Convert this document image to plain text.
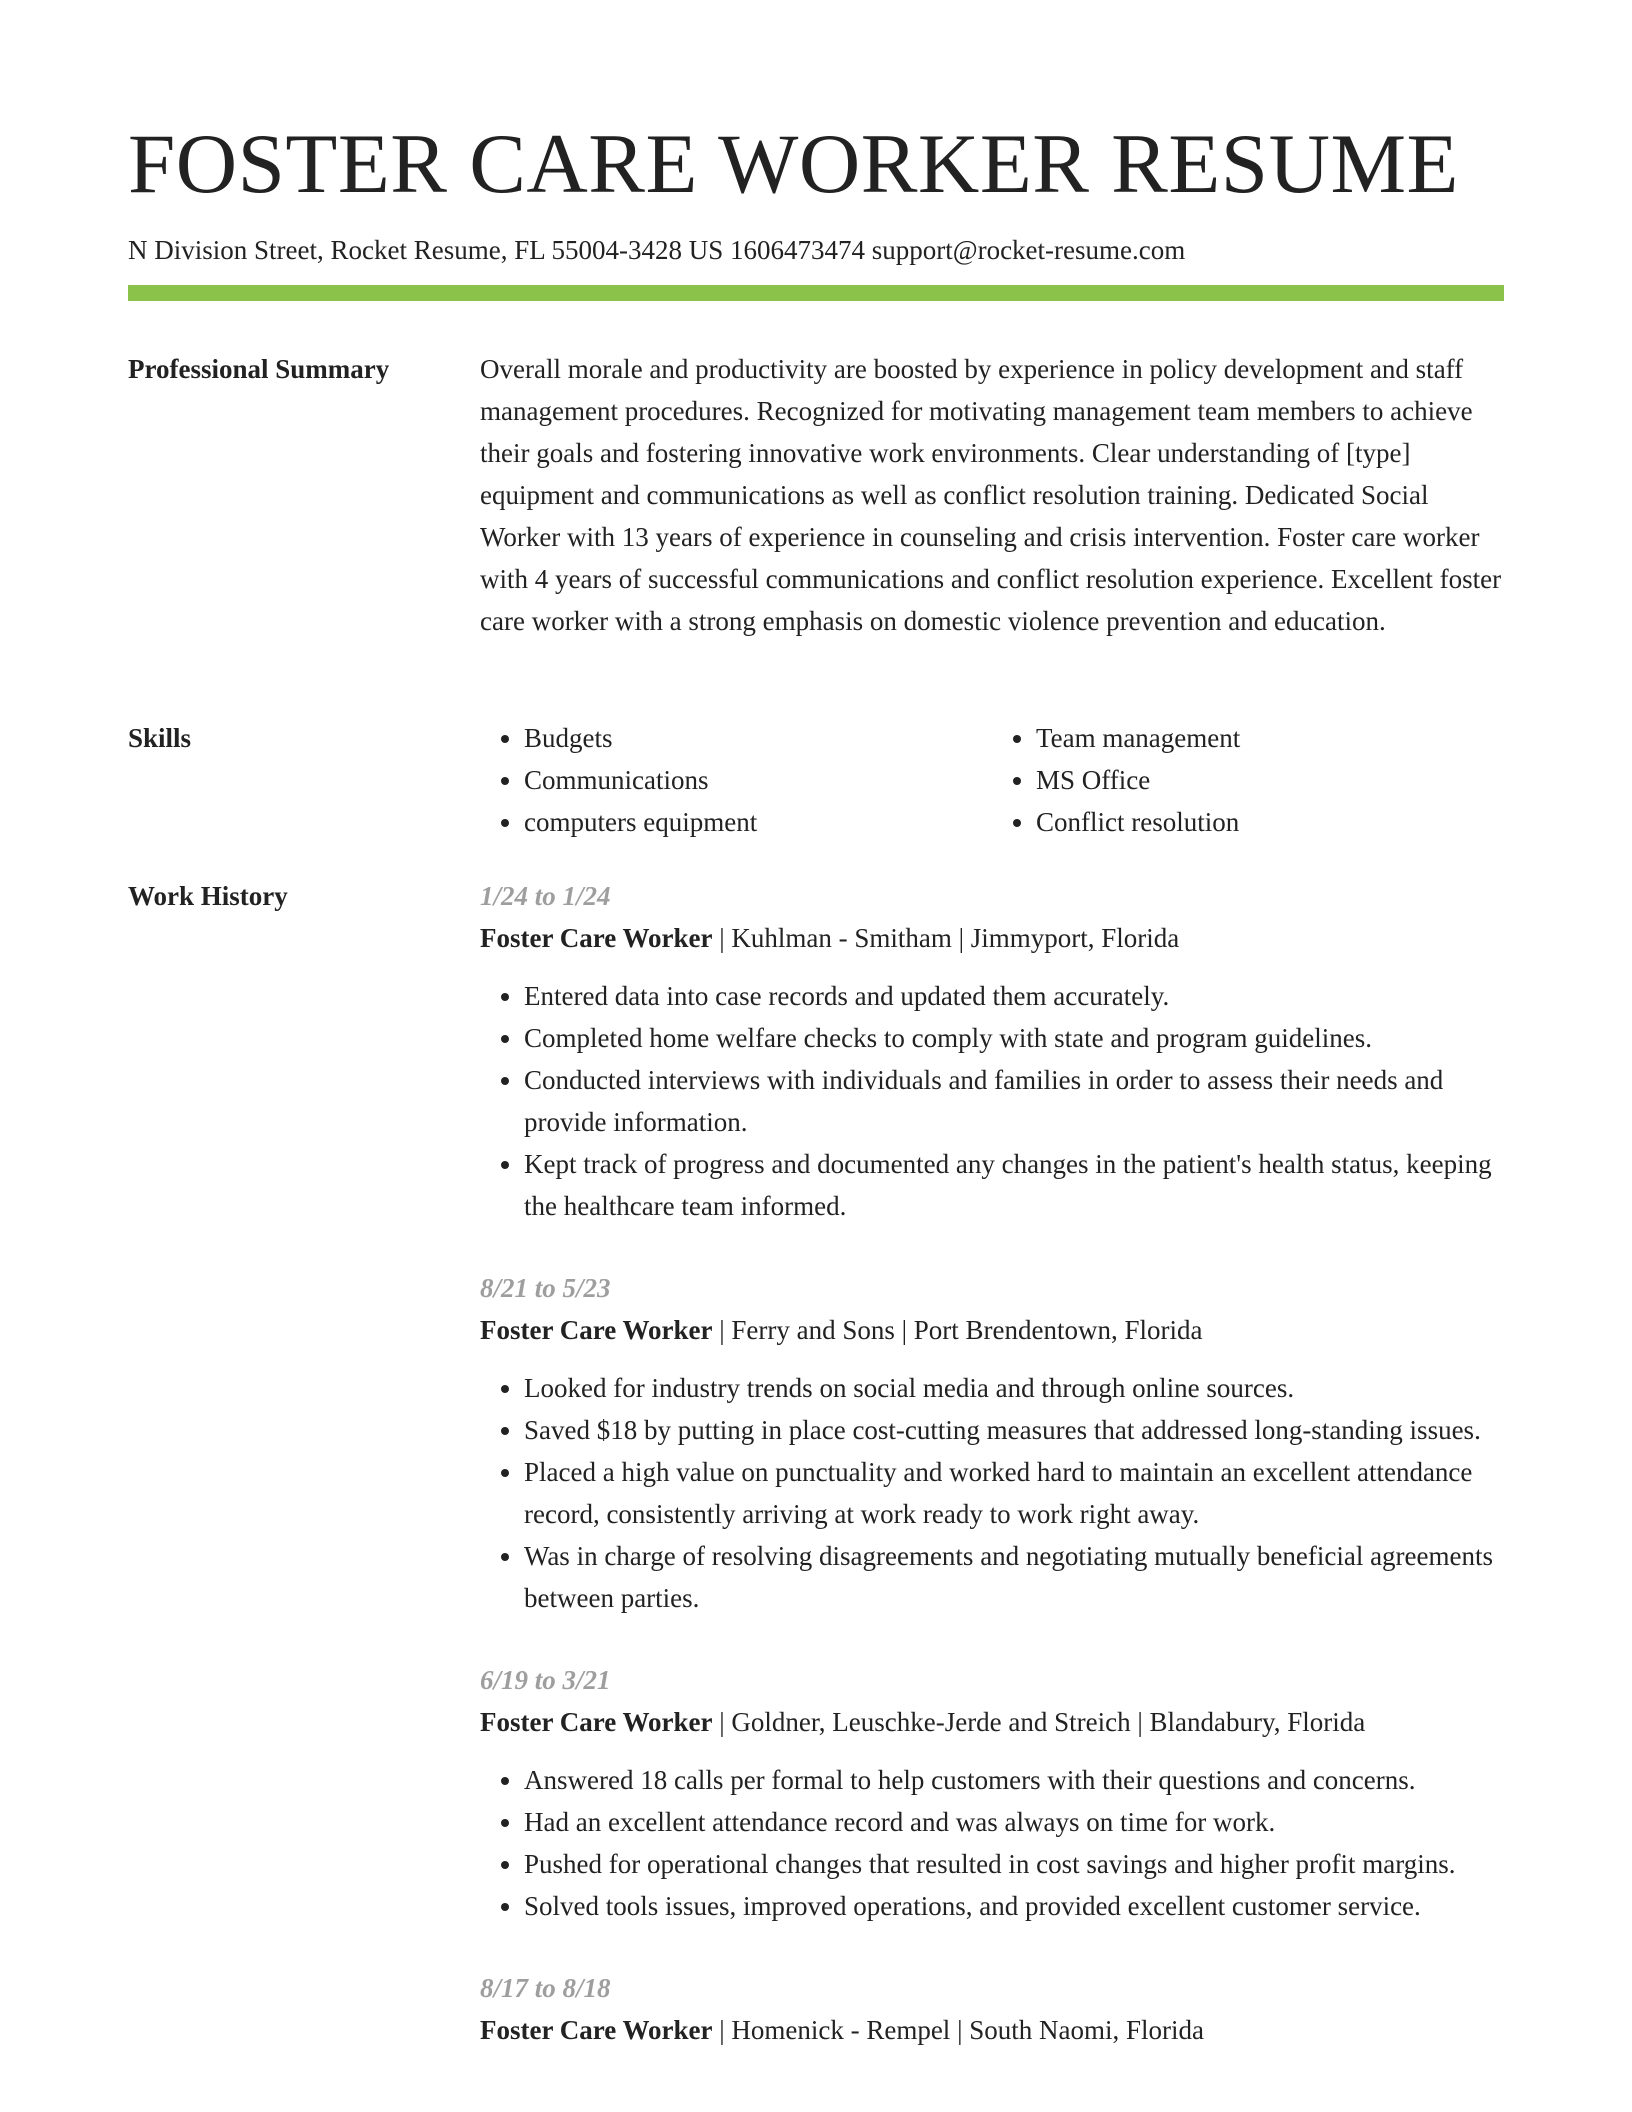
FOSTER CARE WORKER RESUME
N Division Street, Rocket Resume, FL 55004-3428 US 1606473474 support@rocket-resume.com
Professional Summary	Overall morale and productivity are boosted by experience in policy development and staff management procedures. Recognized for motivating management team members to achieve their goals and fostering innovative work environments. Clear understanding of [type] equipment and communications as well as conflict resolution training. Dedicated Social Worker with 13 years of experience in counseling and crisis intervention. Foster care worker with 4 years of successful communications and conflict resolution experience. Excellent foster care worker with a strong emphasis on domestic violence prevention and education.

Skills
•	Budgets
• Communications
• computers equipment
• Team management
• MS Office
• Conflict resolution
Work History	1/24 to 1/24
Foster Care Worker | Kuhlman - Smitham | Jimmyport, Florida
• Entered data into case records and updated them accurately.
• Completed home welfare checks to comply with state and program guidelines.
• Conducted interviews with individuals and families in order to assess their needs and provide information.
• Kept track of progress and documented any changes in the patient's health status, keeping the healthcare team informed.
8/21 to 5/23
Foster Care Worker | Ferry and Sons | Port Brendentown, Florida
• Looked for industry trends on social media and through online sources.
• Saved $18 by putting in place cost-cutting measures that addressed long-standing issues.
• Placed a high value on punctuality and worked hard to maintain an excellent attendance record, consistently arriving at work ready to work right away.
• Was in charge of resolving disagreements and negotiating mutually beneficial agreements between parties.
6/19 to 3/21
Foster Care Worker | Goldner, Leuschke-Jerde and Streich | Blandabury, Florida
• Answered 18 calls per formal to help customers with their questions and concerns.
• Had an excellent attendance record and was always on time for work.
• Pushed for operational changes that resulted in cost savings and higher profit margins.
• Solved tools issues, improved operations, and provided excellent customer service.
8/17 to 8/18
Foster Care Worker | Homenick - Rempel | South Naomi, Florida
